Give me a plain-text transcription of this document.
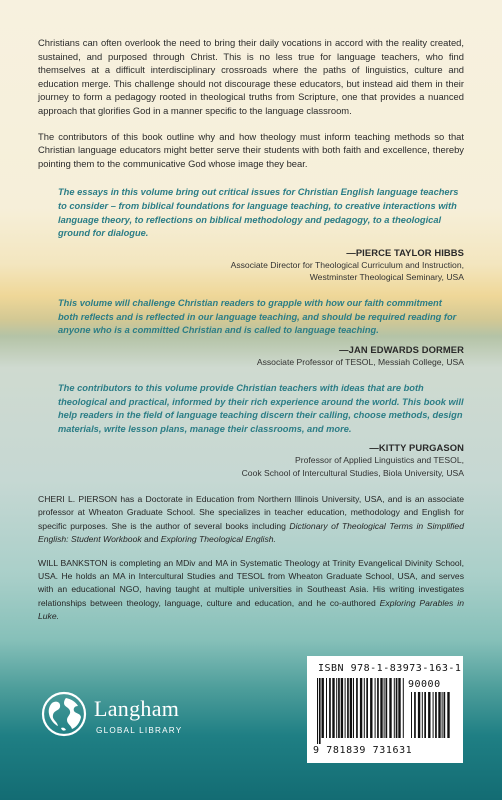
Christians can often overlook the need to bring their daily vocations in accord with the reality created, sustained, and purposed through Christ. This is no less true for language teachers, who find themselves at a difficult interdisciplinary crossroads where the paths of linguistics, culture and education merge. This challenge should not discourage these educators, but instead aid them in their journey to form a pedagogy rooted in theological truths from Scripture, one that provides a nuanced approach that glorifies God in a manner specific to the language classroom.

The contributors of this book outline why and how theology must inform teaching methods so that Christian language educators might better serve their students with both faith and excellence, thereby pointing them to the communicative God whose image they bear.

The essays in this volume bring out critical issues for Christian English language teachers to consider – from biblical foundations for language teaching, to creative interactions with language theory, to reflections on biblical methodology and pedagogy, to a theological ground for dialogue.

—PIERCE TAYLOR HIBBS
Associate Director for Theological Curriculum and Instruction,
Westminster Theological Seminary, USA

This volume will challenge Christian readers to grapple with how our faith commitment both reflects and is reflected in our language teaching, and should be required reading for anyone who is a committed Christian and is called to language teaching.

—JAN EDWARDS DORMER
Associate Professor of TESOL, Messiah College, USA

The contributors to this volume provide Christian teachers with ideas that are both theological and practical, informed by their rich experience around the world. This book will help readers in the field of language teaching discern their calling, choose methods, design materials, write lesson plans, manage their classrooms, and more.

—KITTY PURGASON
Professor of Applied Linguistics and TESOL,
Cook School of Intercultural Studies, Biola University, USA

CHERI L. PIERSON has a Doctorate in Education from Northern Illinois University, USA, and is an associate professor at Wheaton Graduate School. She specializes in teacher education, methodology and English for specific purposes. She is the author of several books including Dictionary of Theological Terms in Simplified English: Student Workbook and Exploring Theological English.

WILL BANKSTON is completing an MDiv and MA in Systematic Theology at Trinity Evangelical Divinity School, USA. He holds an MA in Intercultural Studies and TESOL from Wheaton Graduate School, USA, and serves with an educational NGO, having taught at multiple universities in Southeast Asia. His writing investigates relationships between theology, language, culture and education, and he co-authored Exploring Parables in Luke.

Langham
GLOBAL LIBRARY
ISBN 978-1-83973-163-1
90000
9 781839 731631
